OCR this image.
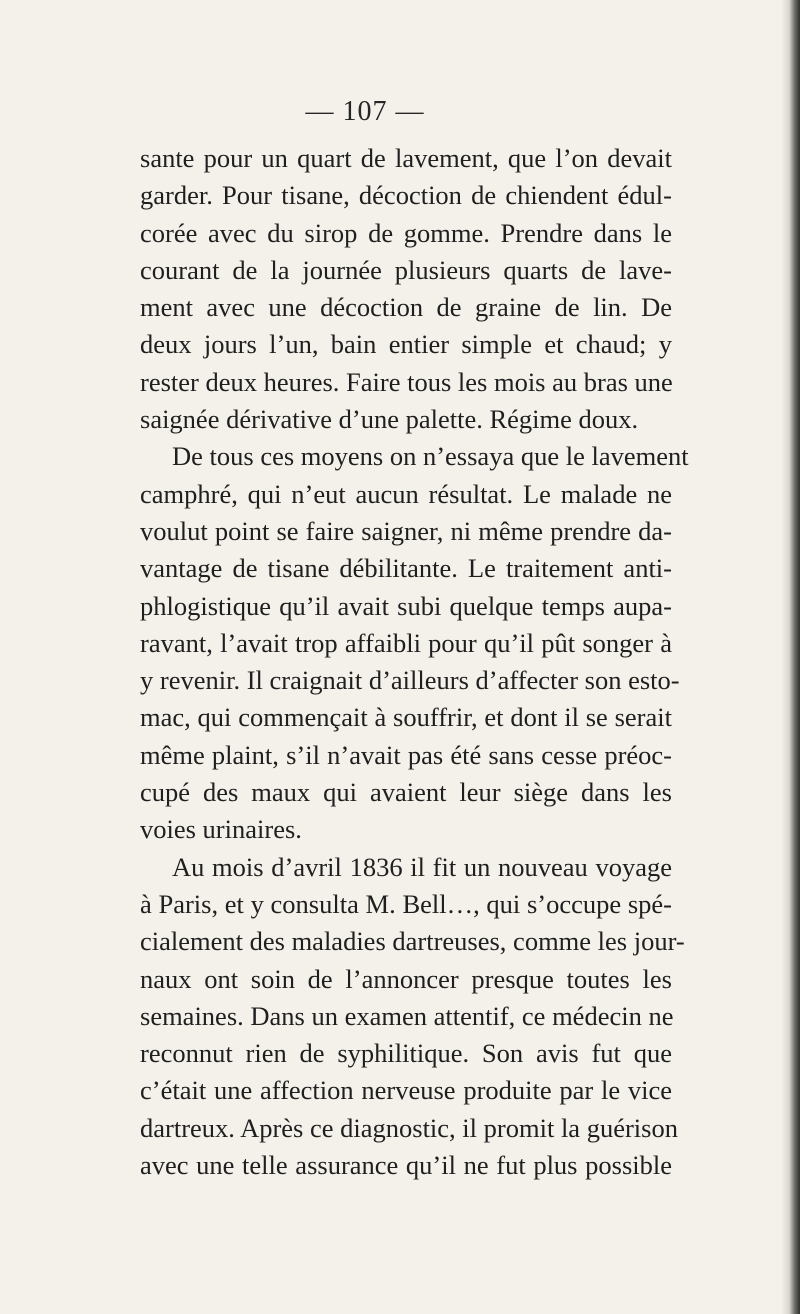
— 107 —
sante pour un quart de lavement, que l’on devait
garder. Pour tisane, décoction de chiendent édul-
corée avec du sirop de gomme. Prendre dans le
courant de la journée plusieurs quarts de lave-
ment avec une décoction de graine de lin. De
deux jours l’un, bain entier simple et chaud; y
rester deux heures. Faire tous les mois au bras une
saignée dérivative d’une palette. Régime doux.
De tous ces moyens on n’essaya que le lavement
camphré, qui n’eut aucun résultat. Le malade ne
voulut point se faire saigner, ni même prendre da-
vantage de tisane débilitante. Le traitement anti-
phlogistique qu’il avait subi quelque temps aupa-
ravant, l’avait trop affaibli pour qu’il pût songer à
y revenir. Il craignait d’ailleurs d’affecter son esto-
mac, qui commençait à souffrir, et dont il se serait
même plaint, s’il n’avait pas été sans cesse préoc-
cupé des maux qui avaient leur siège dans les
voies urinaires.
Au mois d’avril 1836 il fit un nouveau voyage
à Paris, et y consulta M. Bell…, qui s’occupe spé-
cialement des maladies dartreuses, comme les jour-
naux ont soin de l’annoncer presque toutes les
semaines. Dans un examen attentif, ce médecin ne
reconnut rien de syphilitique. Son avis fut que
c’était une affection nerveuse produite par le vice
dartreux. Après ce diagnostic, il promit la guérison
avec une telle assurance qu’il ne fut plus possible
